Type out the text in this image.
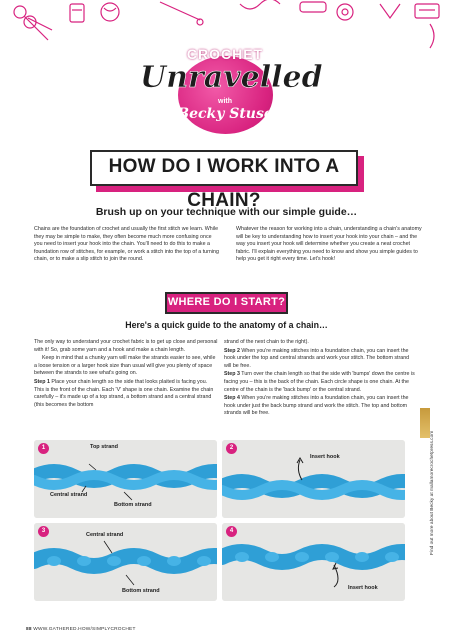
CROCHET
Unravelled
with
Becky Stuse
HOW DO I WORK INTO A CHAIN?
Brush up on your technique with our simple guide…
Chains are the foundation of crochet and usually the first stitch we learn. While they may be simple to make, they often become much more confusing once you need to insert your hook into the chain. You'll need to do this to make a foundation row of stitches, for example, or work a stitch into the top of a turning chain, or to make a slip stitch to join the round.
Whatever the reason for working into a chain, understanding a chain's anatomy will be key to understanding how to insert your hook into your chain – and the way you insert your hook will determine whether you create a neat crochet fabric. I'll explain everything you need to know and show you simple guides to help you get it right every time. Let's hook!
WHERE DO I START?
Here's a quick guide to the anatomy of a chain…

The only way to understand your crochet fabric is to get up close and personal with it! So, grab some yarn and a hook and make a chain length.

Keep in mind that a chunky yarn will make the strands easier to see, while a loose tension or a larger hook size than usual will give you plenty of space between the strands to see what's going on.

Step 1 Place your chain length so the side that looks plaited is facing you. This is the front of the chain. Each 'V' shape is one chain. Examine the chain carefully – it's made up of a top strand, a bottom strand and a central strand (this becomes the bottom

strand of the next chain to the right).

Step 2 When you're making stitches into a foundation chain, you can insert the hook under the top and central strands and work your stitch. The bottom strand will be free.

Step 3 Turn over the chain length so that the side with 'bumps' down the centre is facing you – this is the back of the chain. Each circle shape is one chain. At the centre of the chain is the 'back bump' or the central strand.

Step 4 When you're making stitches into a foundation chain, you can insert the hook under just the back bump strand and work the stitch. The top and bottom strands will be free.

1	Top strand
Central strand
Bottom strand
2
Insert hook
3
Central strand
Bottom strand
4
Insert hook
Find out more about Becky at mallamorecrochetpress.com
88 WWW.GATHERED.HOW/SIMPLYCROCHET
